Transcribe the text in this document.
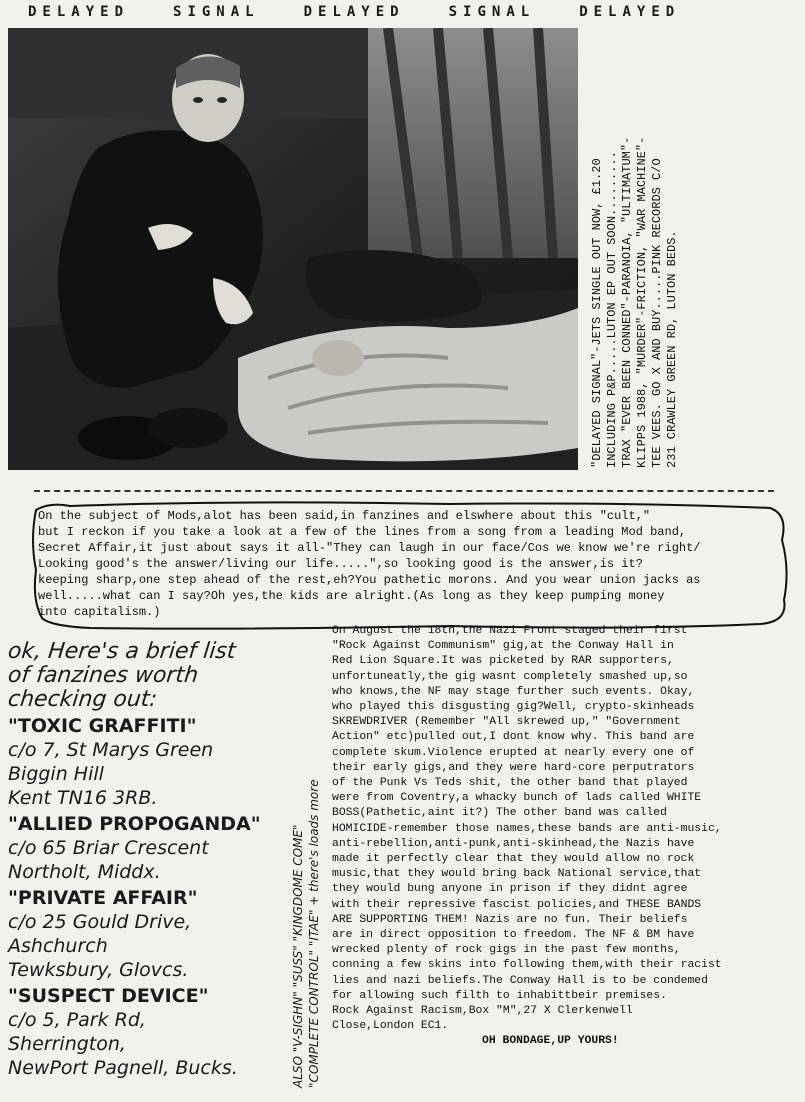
DELAYED	SIGNAL	DELAYED	SIGNAL	DELAYED
"DELAYED SIGNAL"-JETS SINGLE OUT NOW, £1.20 INCLUDING P&P.....LUTON EP OUT SOON......... TRAX "EVER BEEN CONNED"-PARANOIA, "ULTIMATUM"- KLIPPS 1988, "MURDER"-FRICTION, "WAR MACHINE"- TEE VEES. GO X AND BUY.....PINK RECORDS C/O 231 CRAWLEY GREEN RD, LUTON BEDS.
On the subject of Mods,alot has been said,in fanzines and elswhere about this "cult,"
but I reckon if you take a look at a few of the lines from a song from a leading Mod band,
Secret Affair,it just about says it all-"They can laugh in our face/Cos we know we're right/
Looking good's the answer/living our life.....",so looking good is the answer,is it?
keeping sharp,one step ahead of the rest,eh?You pathetic morons. And you wear union jacks as
well.....what can I say?Oh yes,the kids are alright.(As long as they keep pumping money
into capitalism.)
ok, Here's a brief list
of fanzines worth
checking out:
"TOXIC GRAFFITI"
c/o 7, St Marys Green
Biggin Hill
Kent TN16 3RB.
"ALLIED PROPOGANDA"
c/o 65 Briar Crescent
Northolt, Middx.
"PRIVATE AFFAIR"
c/o 25 Gould Drive,
Ashchurch
Tewksbury, Glovcs.
"SUSPECT DEVICE"
c/o 5, Park Rd,
Sherrington,
NewPort Pagnell, Bucks.	ALSO "V-SIGHN" "SUSS" "KINGDOME COME" "COMPLETE CONTROL" "ITAE" + there's loads more
On August the 18th,the Nazi Front staged their first
"Rock Against Communism" gig,at the Conway Hall in
Red Lion Square.It was picketed by RAR supporters,
unfortuneatly,the gig wasnt completely smashed up,so
who knows,the NF may stage further such events. Okay,
who played this disgusting gig?Well, crypto-skinheads
SKREWDRIVER (Remember "All skrewed up," "Government
Action" etc)pulled out,I dont know why. This band are
complete skum.Violence erupted at nearly every one of
their early gigs,and they were hard-core perputrators
of the Punk Vs Teds shit, the other band that played
were from Coventry,a whacky bunch of lads called WHITE
BOSS(Pathetic,aint it?) The other band was called
HOMICIDE-remember those names,these bands are anti-music,
anti-rebellion,anti-punk,anti-skinhead,the Nazis have
made it perfectly clear that they would allow no rock
music,that they would bring back National service,that
they would bung anyone in prison if they didnt agree
with their repressive fascist policies,and THESE BANDS
ARE SUPPORTING THEM! Nazis are no fun. Their beliefs
are in direct opposition to freedom. The NF & BM have
wrecked plenty of rock gigs in the past few months,
conning a few skins into following them,with their racist
lies and nazi beliefs.The Conway Hall is to be condemed
for allowing such filth to inhabittbeir premises.
Rock Against Racism,Box "M",27 X Clerkenwell
Close,London EC1.
OH BONDAGE,UP YOURS!
